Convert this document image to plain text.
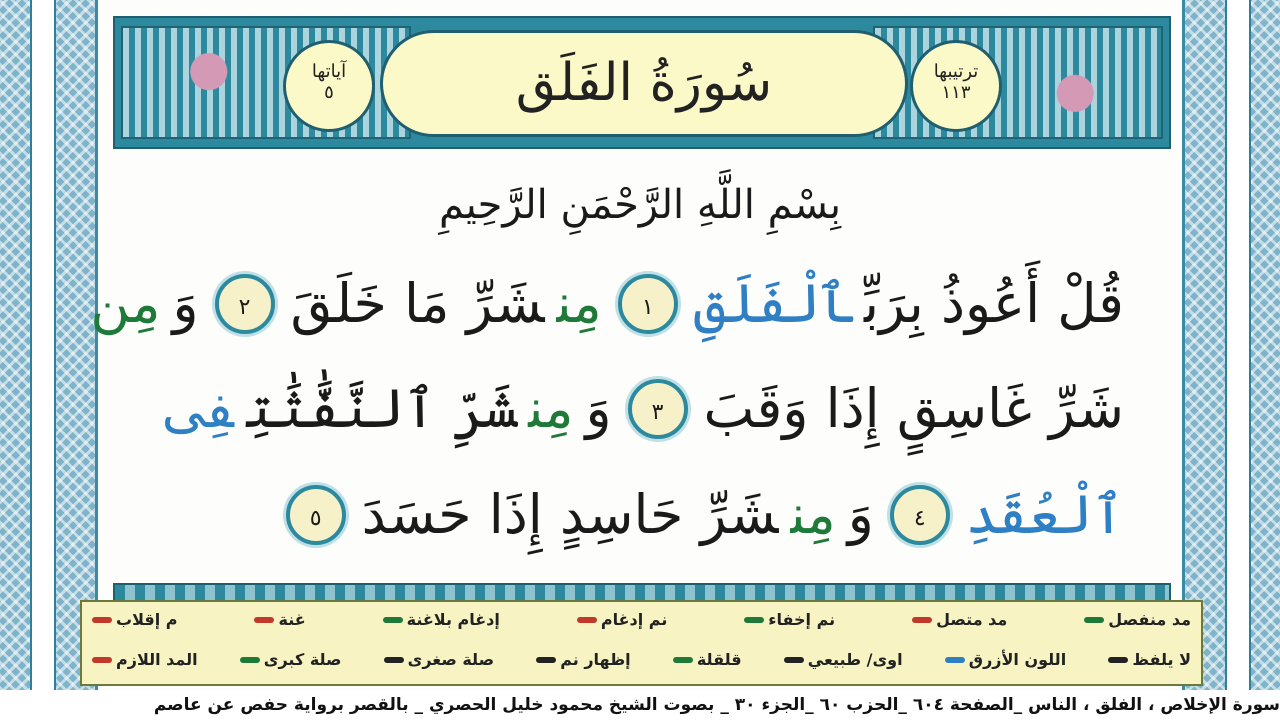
آياتها
٥	سُورَةُ الفَلَق	ترتيبها
١١٣
بِسْمِ اللَّهِ الرَّحْمَنِ الرَّحِيمِ
قُلْ أَعُوذُ بِرَبِّٱلْفَلَقِ١مِنشَرِّ مَا خَلَقَ٢وَمِن
شَرِّ غَاسِقٍ إِذَا وَقَبَ٣وَمِنشَرِّ ٱلنَّفَّٰثَٰتِفِى
ٱلْعُقَدِ٤وَمِنشَرِّ حَاسِدٍ إِذَا حَسَدَ٥
م إقلاب	غنة	إدغام بلاغنة	نم إدغام	نم إخفاء	مد متصل	مد منفصل
المد اللازم	صلة كبرى	صلة صغرى	إظهار نم	قلقلة	اوى/ طبيعي	اللون الأزرق	لا يلفظ
سورة الإخلاص ، الفلق ، الناس _الصفحة ٦٠٤ _الحزب ٦٠ _الجزء ٣٠ _ بصوت الشيخ محمود خليل الحصري _ بالقصر برواية حفص عن عاصم
